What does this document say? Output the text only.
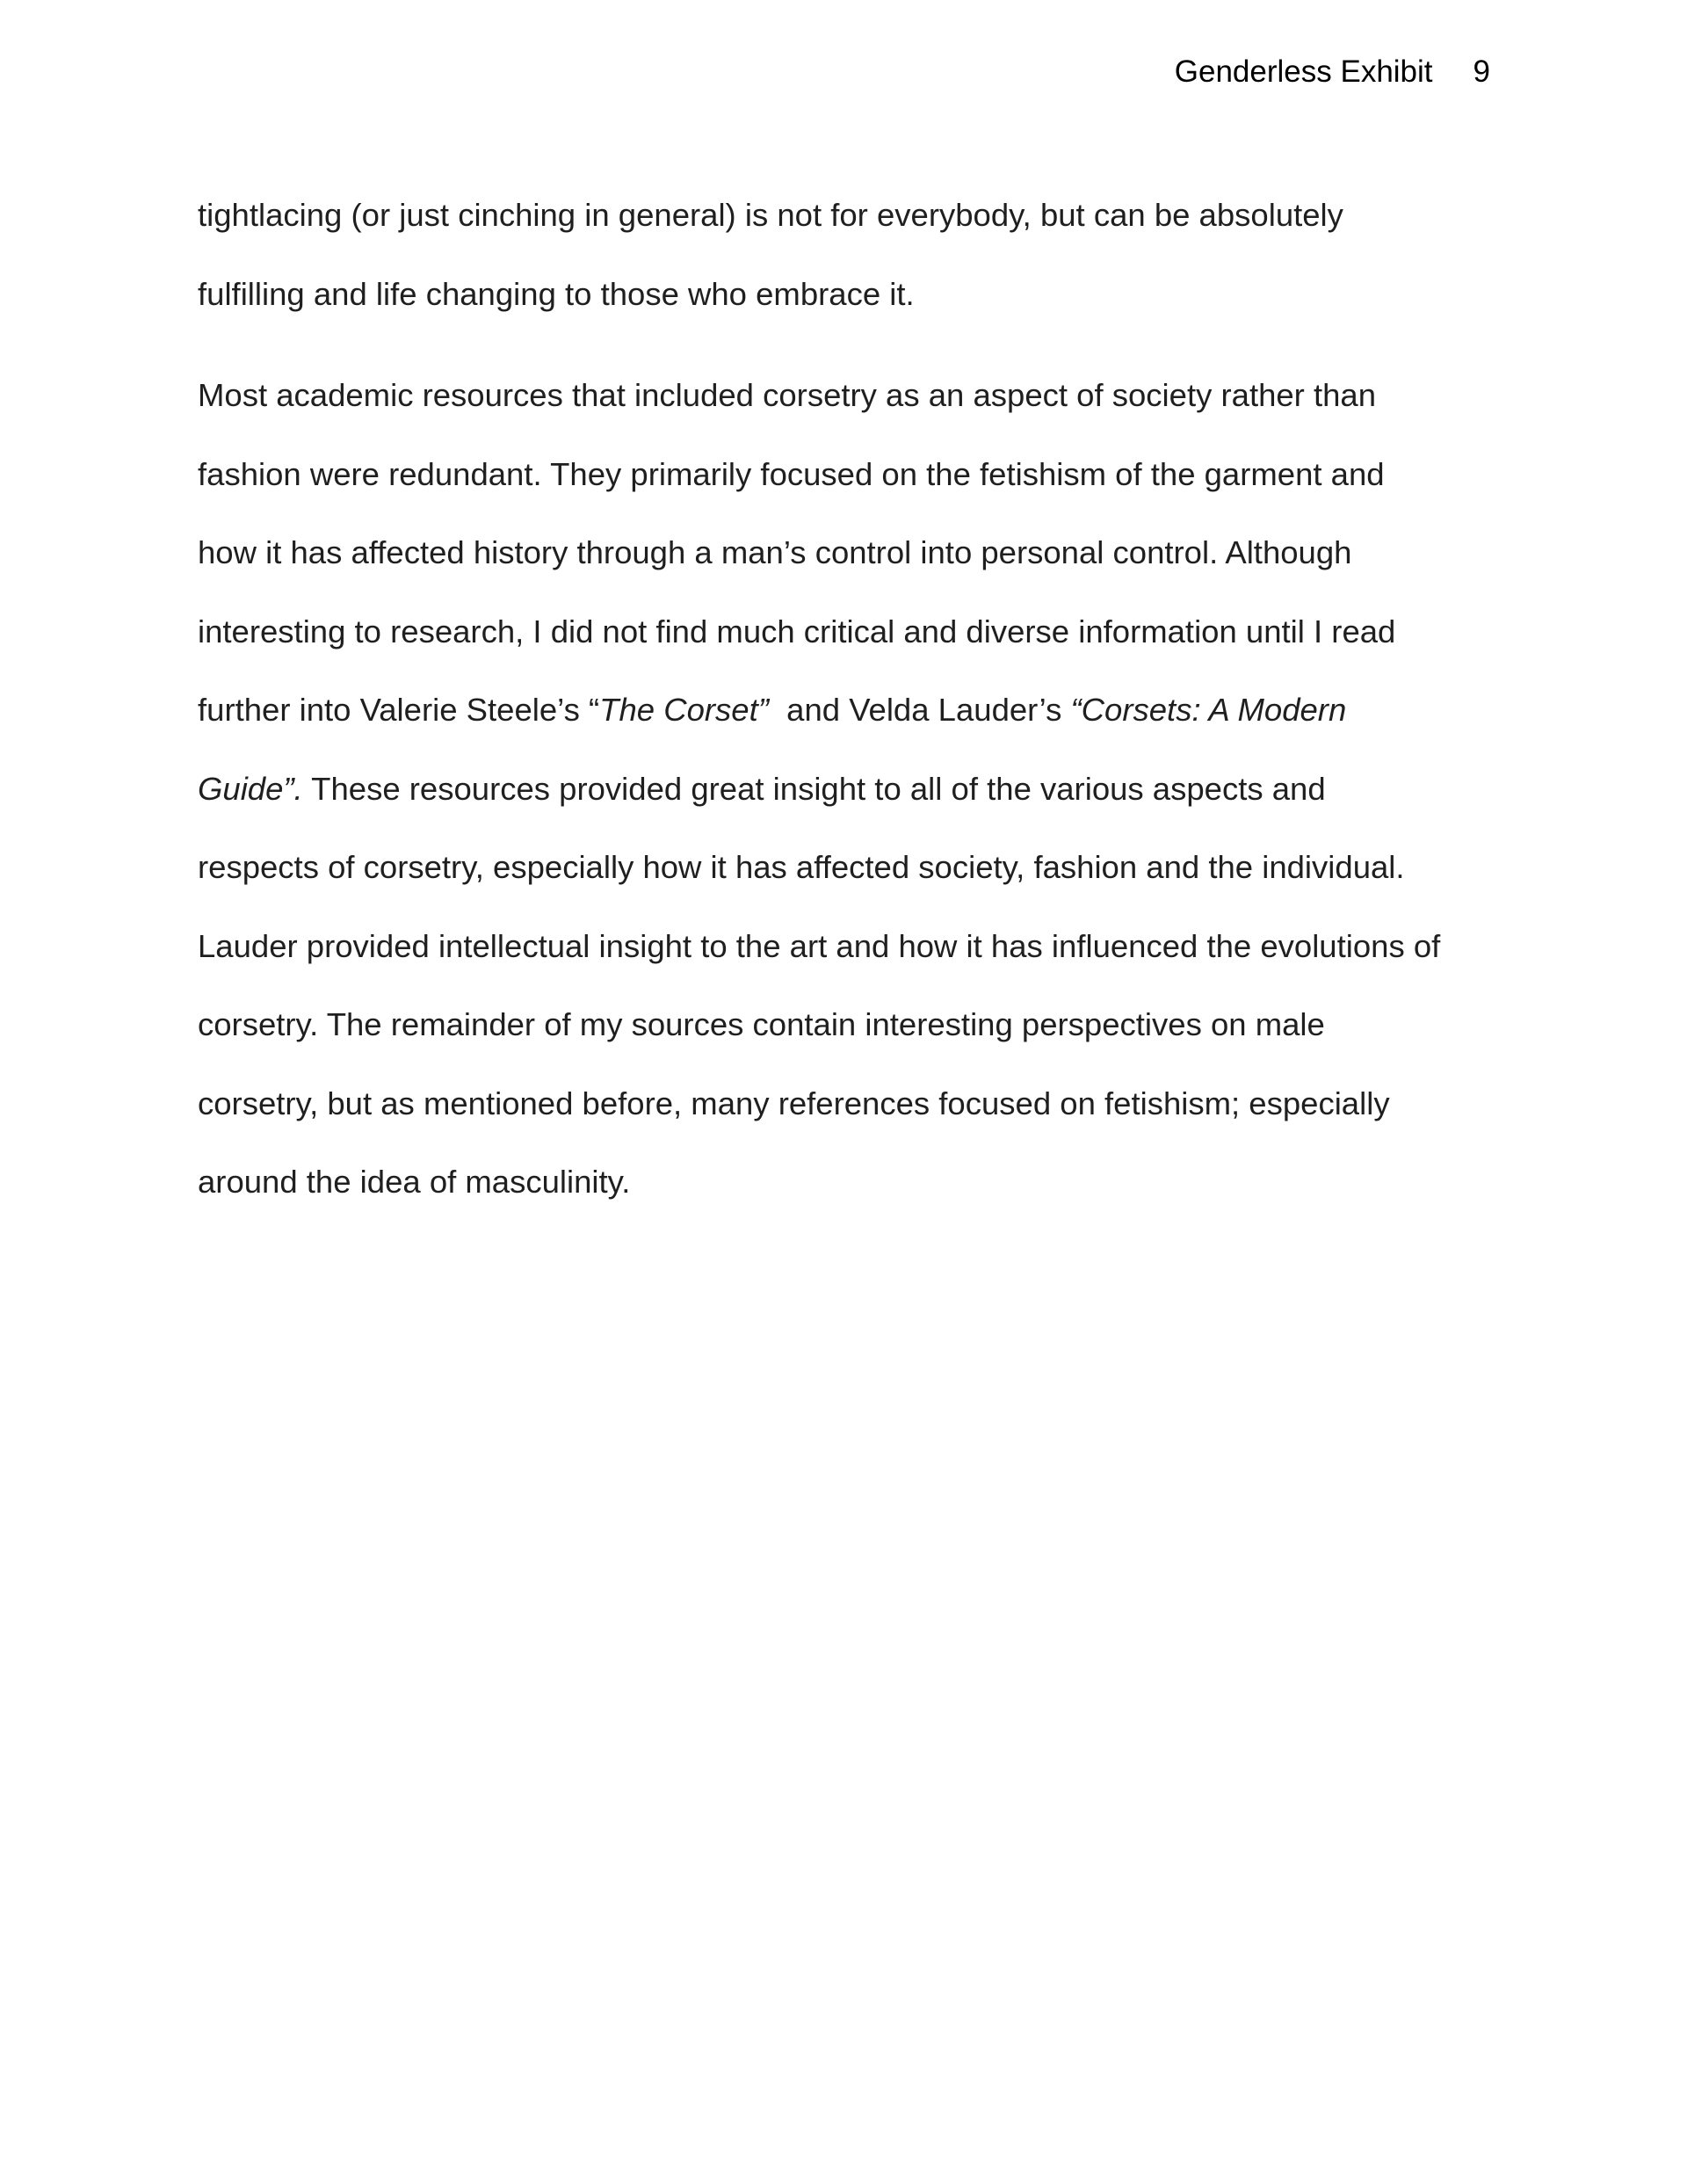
Genderless Exhibit 9
tightlacing (or just cinching in general) is not for everybody, but can be absolutely
fulfilling and life changing to those who embrace it.
Most academic resources that included corsetry as an aspect of society rather than
fashion were redundant. They primarily focused on the fetishism of the garment and
how it has affected history through a man’s control into personal control. Although
interesting to research, I did not find much critical and diverse information until I read
further into Valerie Steele’s “The Corset”  and Velda Lauder’s “Corsets: A Modern
Guide”. These resources provided great insight to all of the various aspects and
respects of corsetry, especially how it has affected society, fashion and the individual.
Lauder provided intellectual insight to the art and how it has influenced the evolutions of
corsetry. The remainder of my sources contain interesting perspectives on male
corsetry, but as mentioned before, many references focused on fetishism; especially
around the idea of masculinity.
